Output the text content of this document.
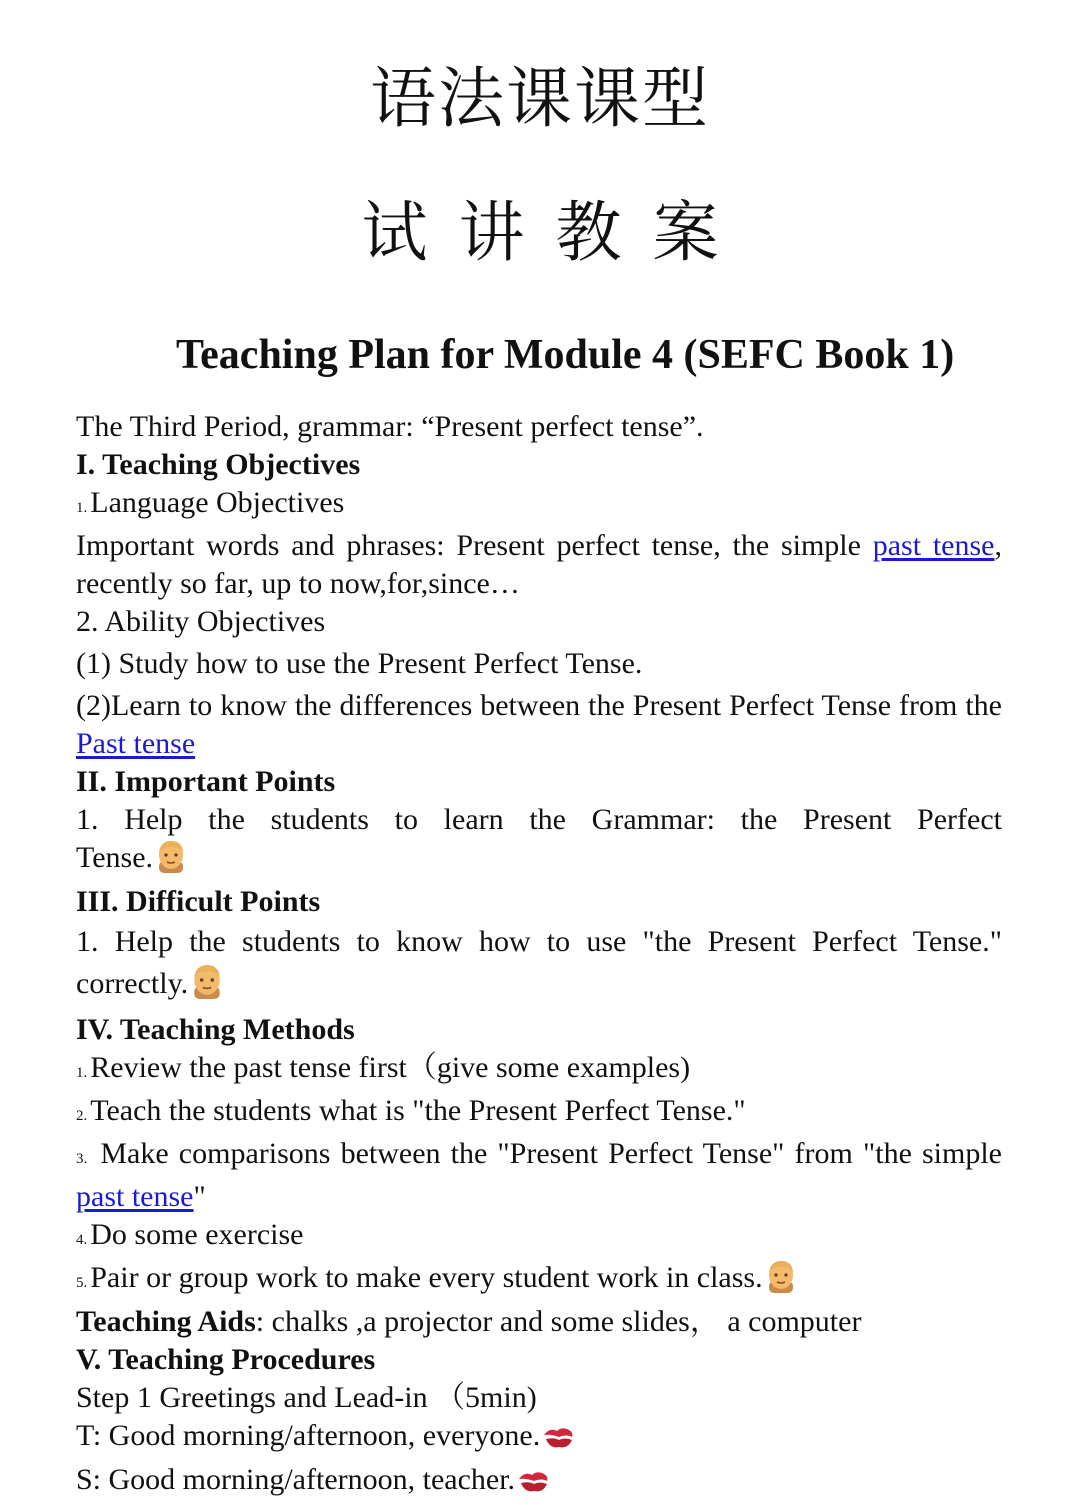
语法课课型
试 讲 教 案
Teaching Plan for Module 4 (SEFC Book 1)
The Third Period, grammar: “Present perfect tense”.
I. Teaching Objectives
1. Language Objectives
Important words and phrases: Present perfect tense, the simple past tense, recently so far, up to now,for,since…
2. Ability Objectives
(1) Study how to use the Present Perfect Tense.
(2)Learn to know the differences between the Present Perfect Tense from the Past tense
II. Important Points
1. Help the students to learn the Grammar: the Present Perfect Tense.
III. Difficult Points
1. Help the students to know how to use "the Present Perfect Tense." correctly.
IV. Teaching Methods
1. Review the past tense first（give some examples)
2. Teach the students what is "the Present Perfect Tense."
3. Make comparisons between the "Present Perfect Tense" from "the simple past tense"
4. Do some exercise
5. Pair or group work to make every student work in class.
Teaching Aids: chalks ,a projector and some slides， a computer
V. Teaching Procedures
Step 1 Greetings and Lead-in （5min)
T: Good morning/afternoon, everyone.
S: Good morning/afternoon, teacher.
